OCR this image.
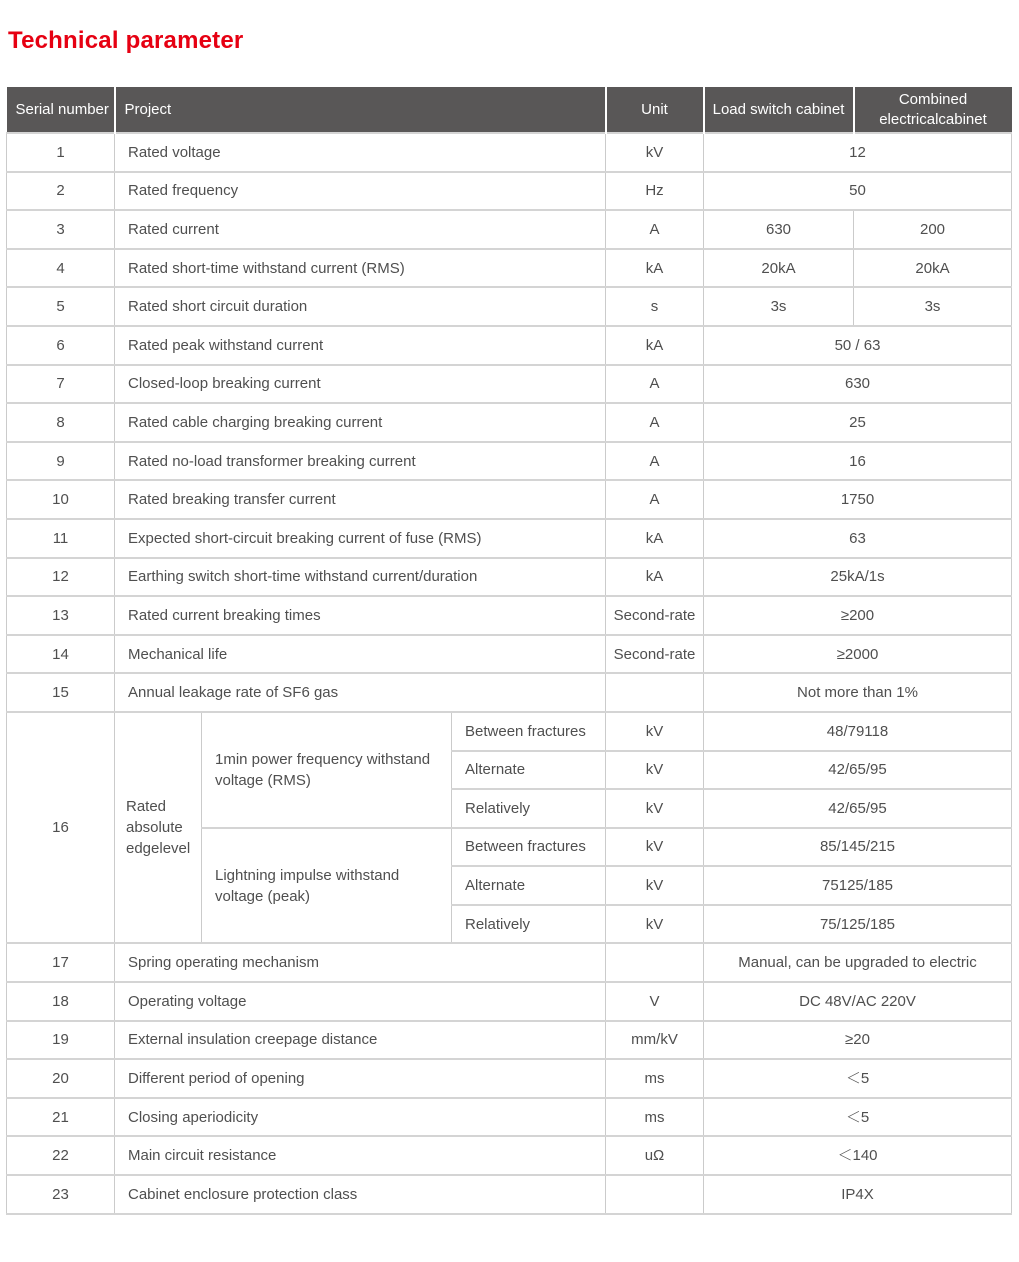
Technical parameter
Serial number	Project			Unit	Load switch cabinet	Combined electricalcabinet
1	Rated voltage			kV	12	
2	Rated frequency			Hz	50	
3	Rated current			A	630	200
4	Rated short-time withstand current (RMS)			kA	20kA	20kA
5	Rated short circuit duration			s	3s	3s
6	Rated peak withstand current			kA	50 / 63	
7	Closed-loop breaking current			A	630	
8	Rated cable charging breaking current			A	25	
9	Rated no-load transformer breaking current			A	16	
10	Rated breaking transfer current			A	1750	
11	Expected short-circuit breaking current of fuse (RMS)			kA	63	
12	Earthing switch short-time withstand current/duration			kA	25kA/1s	
13	Rated current breaking times			Second-rate	≥200	
14	Mechanical life			Second-rate	≥2000	
15	Annual leakage rate of SF6 gas				Not more than 1%	
16	Rated absolute edgelevel	1min power frequency withstand voltage (RMS)	Between fractures	kV	48/79118	
			Alternate	kV	42/65/95	
			Relatively	kV	42/65/95	
		Lightning impulse withstand voltage (peak)	Between fractures	kV	85/145/215	
			Alternate	kV	75125/185	
			Relatively	kV	75/125/185	
17	Spring operating mechanism				Manual, can be upgraded to electric	
18	Operating voltage			V	DC 48V/AC 220V	
19	External insulation creepage distance			mm/kV	≥20	
20	Different period of opening			ms	＜5	
21	Closing aperiodicity			ms	＜5	
22	Main circuit resistance			uΩ	＜140	
23	Cabinet enclosure protection class				IP4X	
